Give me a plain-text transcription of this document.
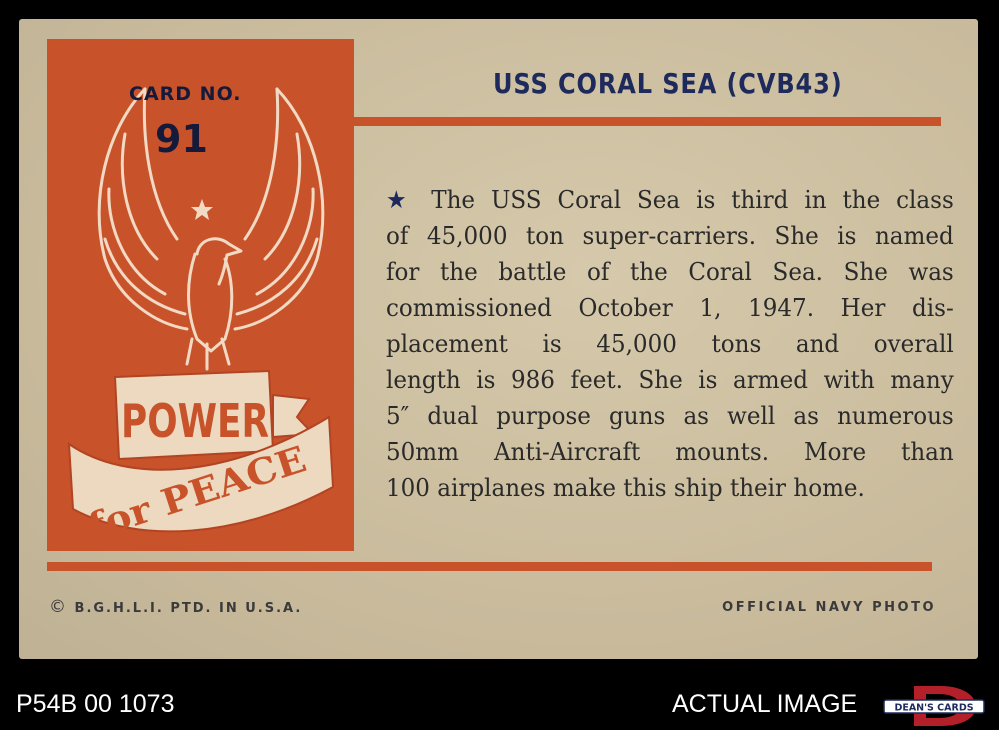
POWER
for PEACE
CARD NO.
91
USS CORAL SEA (CVB43)
★ The USS Coral Sea is third in the class
of 45,000 ton super-carriers. She is named
for the battle of the Coral Sea. She was
commissioned October 1, 1947. Her dis-
placement is 45,000 tons and overall
length is 986 feet. She is armed with many
5″ dual purpose guns as well as numerous
50mm Anti-Aircraft mounts. More than
100 airplanes make this ship their home.
© B.G.H.L.I. PTD. IN U.S.A.	OFFICIAL NAVY PHOTO
P54B 00 1073	ACTUAL IMAGE	DEAN'S CARDS
